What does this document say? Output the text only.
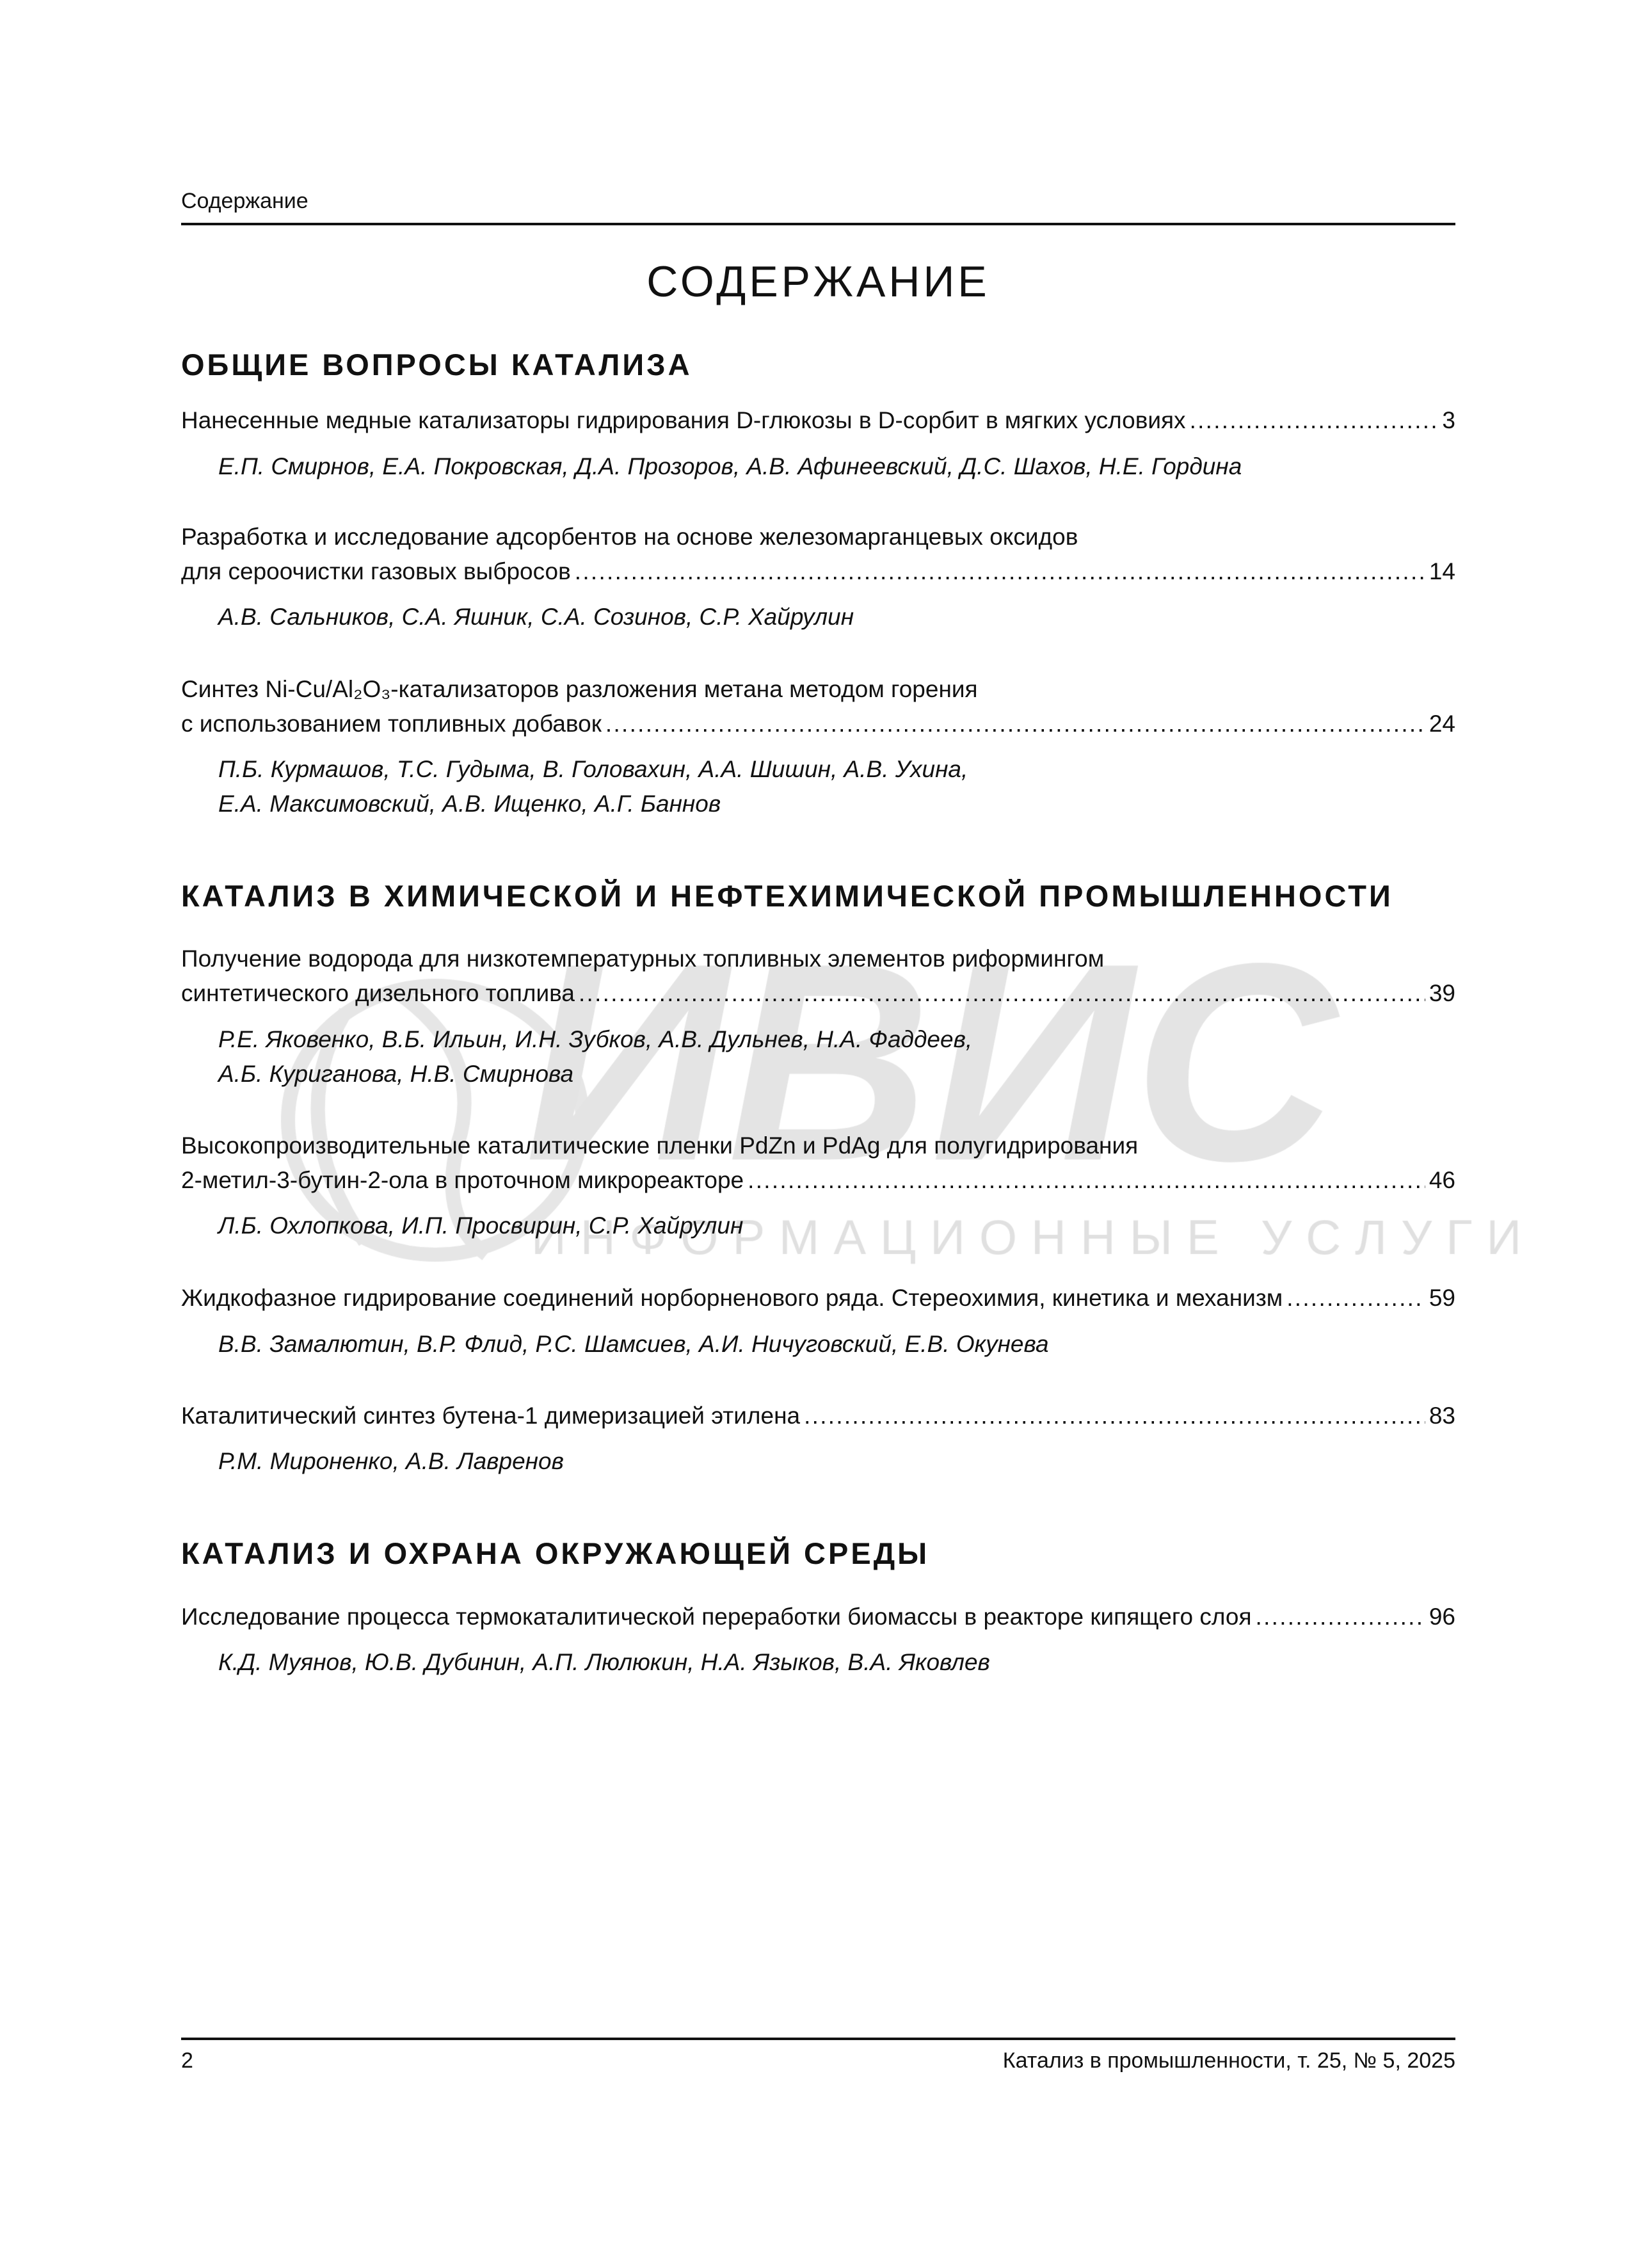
Содержание
СОДЕРЖАНИЕ
ОБЩИЕ ВОПРОСЫ КАТАЛИЗА
Нанесенные медные катализаторы гидрирования D-глюкозы в D-сорбит в мягких условиях . . .	3
Е.П. Смирнов, Е.А. Покровская, Д.А. Прозоров, А.В. Афинеевский, Д.С. Шахов, Н.Е. Гордина
Разработка и исследование адсорбентов на основе железомарганцевых оксидов
для сероочистки газовых выбросов . . .	14
А.В. Сальников, С.А. Яшник, С.А. Созинов, С.Р. Хайрулин
Синтез Ni-Cu/Al₂O₃-катализаторов разложения метана методом горения
с использованием топливных добавок . . .	24
П.Б. Курмашов, Т.С. Гудыма, В. Головахин, А.А. Шишин, А.В. Ухина,
Е.А. Максимовский, А.В. Ищенко, А.Г. Баннов
КАТАЛИЗ В ХИМИЧЕСКОЙ И НЕФТЕХИМИЧЕСКОЙ ПРОМЫШЛЕННОСТИ
Получение водорода для низкотемпературных топливных элементов риформингом
синтетического дизельного топлива . . .	39
Р.Е. Яковенко, В.Б. Ильин, И.Н. Зубков, А.В. Дульнев, Н.А. Фаддеев,
А.Б. Куриганова, Н.В. Смирнова
Высокопроизводительные каталитические пленки PdZn и PdAg для полугидрирования
2-метил-3-бутин-2-ола в проточном микрореакторе . . .	46
Л.Б. Охлопкова, И.П. Просвирин, С.Р. Хайрулин
Жидкофазное гидрирование соединений норборненового ряда. Стереохимия, кинетика и механизм . . .	59
В.В. Замалютин, В.Р. Флид, Р.С. Шамсиев, А.И. Ничуговский, Е.В. Окунева
Каталитический синтез бутена-1 димеризацией этилена . . .	83
Р.М. Мироненко, А.В. Лавренов
КАТАЛИЗ И ОХРАНА ОКРУЖАЮЩЕЙ СРЕДЫ
Исследование процесса термокаталитической переработки биомассы в реакторе кипящего слоя . . .	96
К.Д. Муянов, Ю.В. Дубинин, А.П. Люлюкин, Н.А. Языков, В.А. Яковлев
2	Катализ в промышленности, т. 25, № 5, 2025
